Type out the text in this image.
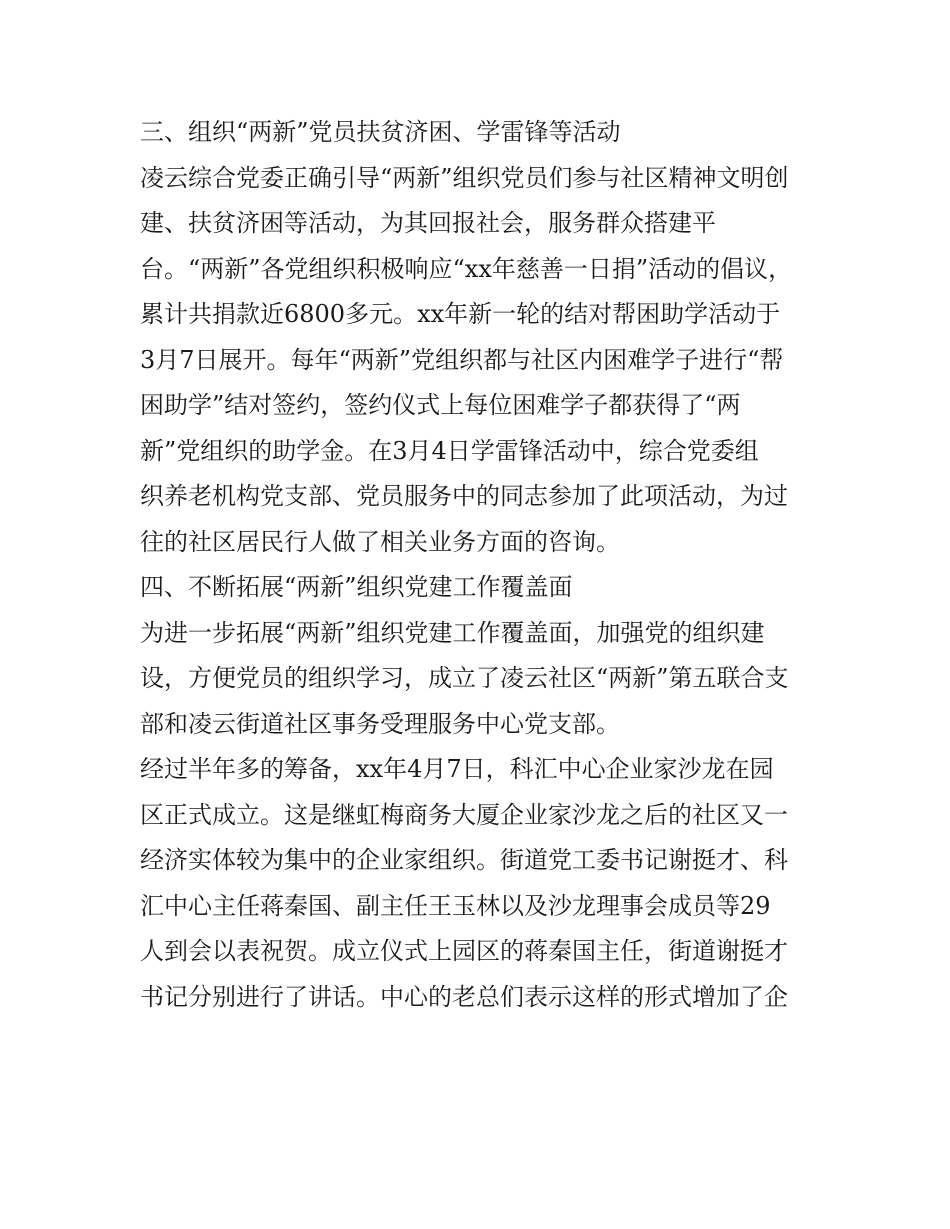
三、组织“两新”党员扶贫济困、学雷锋等活动
凌云综合党委正确引导“两新”组织党员们参与社区精神文明创
建、扶贫济困等活动，为其回报社会，服务群众搭建平
台。“两新”各党组织积极响应“xx年慈善一日捐”活动的倡议，
累计共捐款近6800多元。xx年新一轮的结对帮困助学活动于
3月7日展开。每年“两新”党组织都与社区内困难学子进行“帮
困助学”结对签约，签约仪式上每位困难学子都获得了“两
新”党组织的助学金。在3月4日学雷锋活动中，综合党委组
织养老机构党支部、党员服务中的同志参加了此项活动，为过
往的社区居民行人做了相关业务方面的咨询。
四、不断拓展“两新”组织党建工作覆盖面
为进一步拓展“两新”组织党建工作覆盖面，加强党的组织建
设，方便党员的组织学习，成立了凌云社区“两新”第五联合支
部和凌云街道社区事务受理服务中心党支部。
经过半年多的筹备，xx年4月7日，科汇中心企业家沙龙在园
区正式成立。这是继虹梅商务大厦企业家沙龙之后的社区又一
经济实体较为集中的企业家组织。街道党工委书记谢挺才、科
汇中心主任蒋秦国、副主任王玉林以及沙龙理事会成员等29
人到会以表祝贺。成立仪式上园区的蒋秦国主任，街道谢挺才
书记分别进行了讲话。中心的老总们表示这样的形式增加了企
